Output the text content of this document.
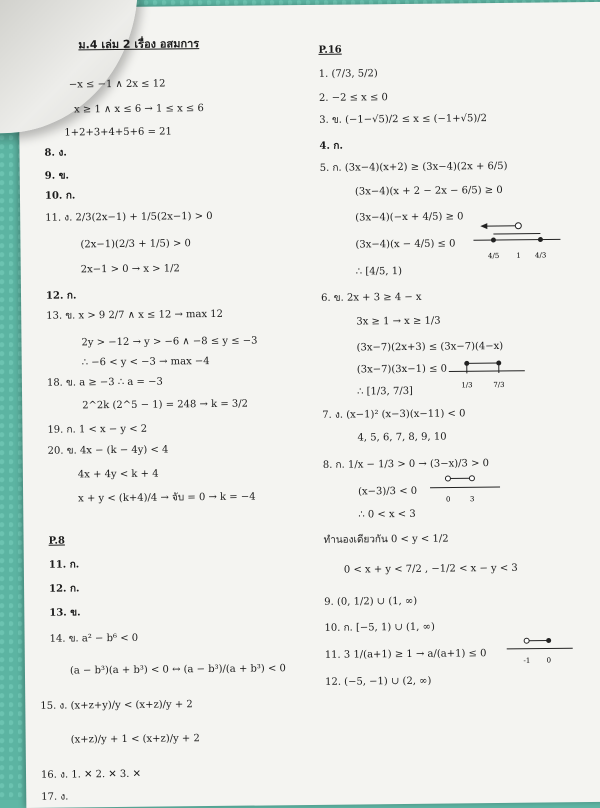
ม.4 เล่ม 2 เรื่อง อสมการ
−x ≤ −1 ∧ 2x ≤ 12
x ≥ 1 ∧ x ≤ 6 → 1 ≤ x ≤ 6
1+2+3+4+5+6 = 21
8. ง.
9. ข.
10. ก.
11. ง. 2/3(2x−1) + 1/5(2x−1) > 0
(2x−1)(2/3 + 1/5) > 0
2x−1 > 0 → x > 1/2
12. ก.
13. ข. x > 9 2/7 ∧ x ≤ 12 → max 12
2y > −12 → y > −6 ∧ −8 ≤ y ≤ −3
∴ −6 < y < −3 → max −4
18. ข. a ≥ −3 ∴ a = −3
2^2k (2^5 − 1) = 248 → k = 3/2
19. ก. 1 < x − y < 2
20. ข. 4x − (k − 4y) < 4
4x + 4y < k + 4
x + y < (k+4)/4 → จับ = 0 → k = −4
P.8
11. ก.
12. ก.
13. ข.
14. ข. a² − b⁶ < 0
(a − b³)(a + b³) < 0 ↔ (a − b³)/(a + b³) < 0
15. ง. (x+z+y)/y < (x+z)/y + 2
(x+z)/y + 1 < (x+z)/y + 2
16. ง. 1. ✕ 2. ✕ 3. ✕
17. ง.
P.16
1. (7/3, 5/2)
2. −2 ≤ x ≤ 0
3. ข. (−1−√5)/2 ≤ x ≤ (−1+√5)/2
4. ก.
5. ก. (3x−4)(x+2) ≥ (3x−4)(2x + 6/5)
(3x−4)(x + 2 − 2x − 6/5) ≥ 0
(3x−4)(−x + 4/5) ≥ 0
(3x−4)(x − 4/5) ≤ 0
∴ [4/5, 1)
4/5 1 4/3
6. ข. 2x + 3 ≥ 4 − x
3x ≥ 1 → x ≥ 1/3
(3x−7)(2x+3) ≤ (3x−7)(4−x)
(3x−7)(3x−1) ≤ 0
∴ [1/3, 7/3]
1/3	7/3
7. ง. (x−1)² (x−3)(x−11) < 0
4, 5, 6, 7, 8, 9, 10
8. ก. 1/x − 1/3 > 0 → (3−x)/3 > 0
(x−3)/3 < 0
0	3
∴ 0 < x < 3
ทำนองเดียวกัน 0 < y < 1/2
0 < x + y < 7/2 , −1/2 < x − y < 3
9. (0, 1/2) ∪ (1, ∞)
10. ก. [−5, 1) ∪ (1, ∞)
11. 3 1/(a+1) ≥ 1 → a/(a+1) ≤ 0	-1 0
12. (−5, −1) ∪ (2, ∞)
